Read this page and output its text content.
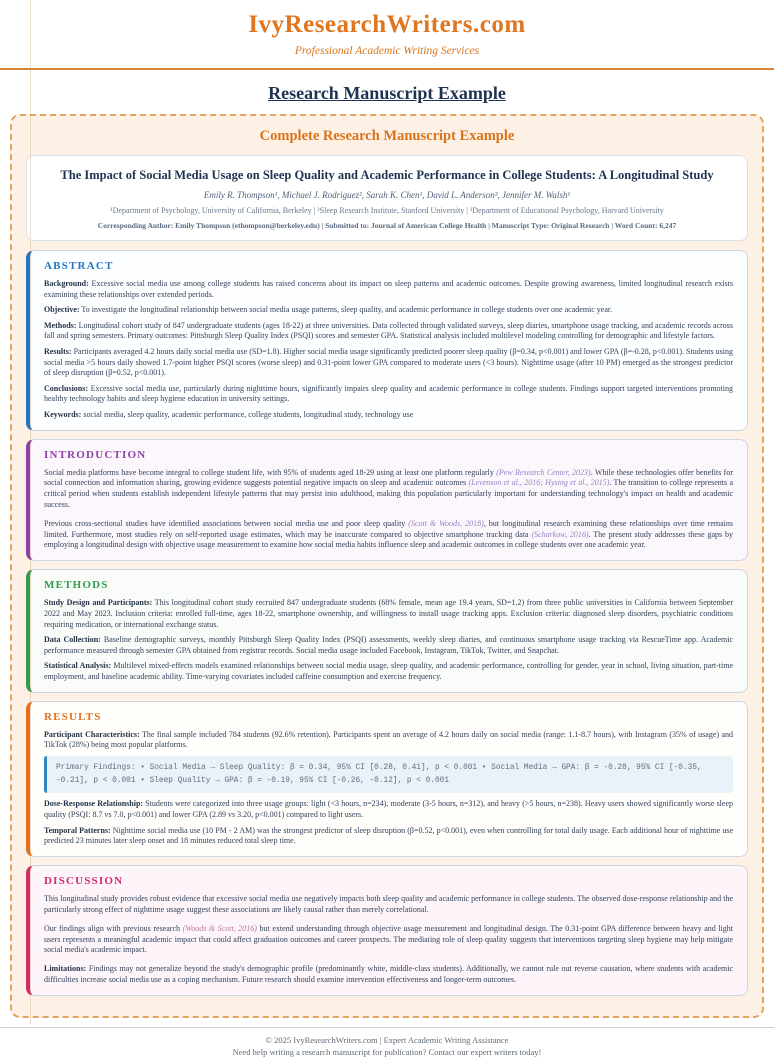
IvyResearchWriters.com

Professional Academic Writing Services

Research Manuscript Example
Complete Research Manuscript Example
The Impact of Social Media Usage on Sleep Quality and Academic Performance in College Students: A Longitudinal Study
Emily R. Thompson¹, Michael J. Rodriguez², Sarah K. Chen¹, David L. Anderson³, Jennifer M. Walsh¹
¹Department of Psychology, University of California, Berkeley | ²Sleep Research Institute, Stanford University | ³Department of Educational Psychology, Harvard University
Corresponding Author: Emily Thompson (ethompson@berkeley.edu) | Submitted to: Journal of American College Health | Manuscript Type: Original Research | Word Count: 6,247
ABSTRACT

Background: Excessive social media use among college students has raised concerns about its impact on sleep patterns and academic outcomes. Despite growing awareness, limited longitudinal research exists examining these relationships over extended periods.

Objective: To investigate the longitudinal relationship between social media usage patterns, sleep quality, and academic performance in college students over one academic year.

Methods: Longitudinal cohort study of 847 undergraduate students (ages 18-22) at three universities. Data collected through validated surveys, sleep diaries, smartphone usage tracking, and academic records across fall and spring semesters. Primary outcomes: Pittsburgh Sleep Quality Index (PSQI) scores and semester GPA. Statistical analysis included multilevel modeling controlling for demographic and lifestyle factors.

Results: Participants averaged 4.2 hours daily social media use (SD=1.8). Higher social media usage significantly predicted poorer sleep quality (β=0.34, p<0.001) and lower GPA (β=-0.28, p<0.001). Students using social media >5 hours daily showed 1.7-point higher PSQI scores (worse sleep) and 0.31-point lower GPA compared to moderate users (<3 hours). Nighttime usage (after 10 PM) emerged as the strongest predictor of sleep disruption (β=0.52, p<0.001).

Conclusions: Excessive social media use, particularly during nighttime hours, significantly impairs sleep quality and academic performance in college students. Findings support targeted interventions promoting healthy technology habits and sleep hygiene education in university settings.

Keywords: social media, sleep quality, academic performance, college students, longitudinal study, technology use

INTRODUCTION

Social media platforms have become integral to college student life, with 95% of students aged 18-29 using at least one platform regularly (Pew Research Center, 2023). While these technologies offer benefits for social connection and information sharing, growing evidence suggests potential negative impacts on sleep and academic outcomes (Levenson et al., 2016; Hysing et al., 2015). The transition to college represents a critical period when students establish independent lifestyle patterns that may persist into adulthood, making this population particularly important for understanding technology's impact on health and academic success.

Previous cross-sectional studies have identified associations between social media use and poor sleep quality (Scott & Woods, 2018), but longitudinal research examining these relationships over time remains limited. Furthermore, most studies rely on self-reported usage estimates, which may be inaccurate compared to objective smartphone tracking data (Scharkow, 2016). The present study addresses these gaps by employing a longitudinal design with objective usage measurement to examine how social media habits influence sleep and academic outcomes in college students over one academic year.

METHODS

Study Design and Participants: This longitudinal cohort study recruited 847 undergraduate students (68% female, mean age 19.4 years, SD=1.2) from three public universities in California between September 2022 and May 2023. Inclusion criteria: enrolled full-time, ages 18-22, smartphone ownership, and willingness to install usage tracking apps. Exclusion criteria: diagnosed sleep disorders, psychiatric conditions requiring medication, or international exchange status.

Data Collection: Baseline demographic surveys, monthly Pittsburgh Sleep Quality Index (PSQI) assessments, weekly sleep diaries, and continuous smartphone usage tracking via RescueTime app. Academic performance measured through semester GPA obtained from registrar records. Social media usage included Facebook, Instagram, TikTok, Twitter, and Snapchat.

Statistical Analysis: Multilevel mixed-effects models examined relationships between social media usage, sleep quality, and academic performance, controlling for gender, year in school, living situation, part-time employment, and baseline academic ability. Time-varying covariates included caffeine consumption and exercise frequency.

RESULTS

Participant Characteristics: The final sample included 784 students (92.6% retention). Participants spent an average of 4.2 hours daily on social media (range: 1.1-8.7 hours), with Instagram (35% of usage) and TikTok (28%) being most popular platforms.

Primary Findings: • Social Media → Sleep Quality: β = 0.34, 95% CI [0.28, 0.41], p < 0.001 • Social Media → GPA: β = -0.28, 95% CI [-0.35, -0.21], p < 0.001 • Sleep Quality → GPA: β = -0.19, 95% CI [-0.26, -0.12], p < 0.001

Dose-Response Relationship: Students were categorized into three usage groups: light (<3 hours, n=234), moderate (3-5 hours, n=312), and heavy (>5 hours, n=238). Heavy users showed significantly worse sleep quality (PSQI: 8.7 vs 7.0, p<0.001) and lower GPA (2.89 vs 3.20, p<0.001) compared to light users.

Temporal Patterns: Nighttime social media use (10 PM - 2 AM) was the strongest predictor of sleep disruption (β=0.52, p<0.001), even when controlling for total daily usage. Each additional hour of nighttime use predicted 23 minutes later sleep onset and 18 minutes reduced total sleep time.

DISCUSSION

This longitudinal study provides robust evidence that excessive social media use negatively impacts both sleep quality and academic performance in college students. The observed dose-response relationship and the particularly strong effect of nighttime usage suggest these associations are likely causal rather than merely correlational.

Our findings align with previous research (Woods & Scott, 2016) but extend understanding through objective usage measurement and longitudinal design. The 0.31-point GPA difference between heavy and light users represents a meaningful academic impact that could affect graduation outcomes and career prospects. The mediating role of sleep quality suggests that interventions targeting sleep hygiene may help mitigate social media's academic impact.

Limitations: Findings may not generalize beyond the study's demographic profile (predominantly white, middle-class students). Additionally, we cannot rule out reverse causation, where students with academic difficulties increase social media use as a coping mechanism. Future research should examine intervention effectiveness and longer-term outcomes.

© 2025 IvyResearchWriters.com | Expert Academic Writing Assistance

Need help writing a research manuscript for publication? Contact our expert writers today!
